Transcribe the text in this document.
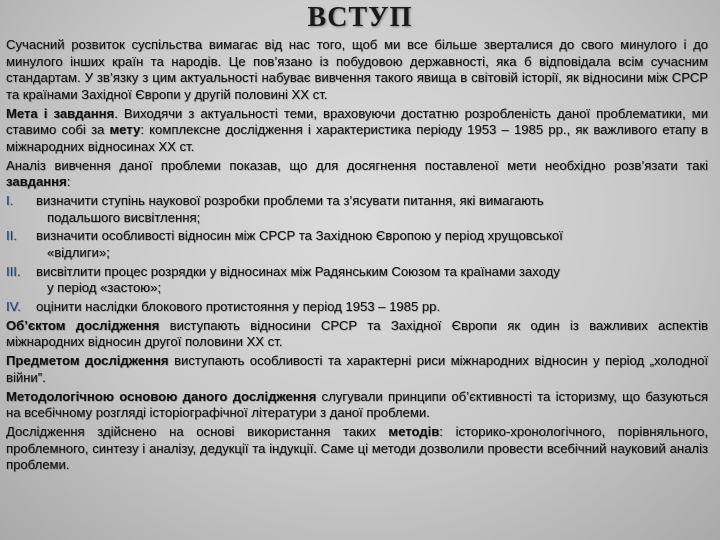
ВСТУП

Сучасний розвиток суспільства вимагає від нас того, щоб ми все більше зверталися до свого минулого і до минулого інших країн та народів. Це пов’язано із побудовою державності, яка б відповідала всім сучасним стандартам. У зв’язку з цим актуальності набуває вивчення такого явища в світовій історії, як відносини між СРСР та країнами Західної Європи у другій половині ХХ ст.

Мета і завдання. Виходячи з актуальності теми, враховуючи достатню розробленість даної проблематики, ми ставимо собі за мету: комплексне дослідження і характеристика періоду 1953 – 1985 рр., як важливого етапу в міжнародних відносинах ХХ ст.

Аналіз вивчення даної проблеми показав, що для досягнення поставленої мети необхідно розв’язати такі завдання:

I.	визначити ступінь наукової розробки проблеми та з’ясувати питання, які вимагають
подальшого висвітлення;
II.	визначити особливості відносин між СРСР та Західною Європою у період хрущовської
«відлиги»;
III.	висвітлити процес розрядки у відносинах між Радянським Союзом та країнами заходу
у період «застою»;
IV.	оцінити наслідки блокового протистояння у період 1953 – 1985 рр.

Об’єктом дослідження виступають відносини СРСР та Західної Європи як один із важливих аспектів міжнародних відносин другої половини ХХ ст.

Предметом дослідження виступають особливості та характерні риси міжнародних відносин у період „холодної війни”.

Методологічною основою даного дослідження слугували принципи об’єктивності та історизму, що базуються на всебічному розгляді історіографічної літератури з даної проблеми.

Дослідження здійснено на основі використання таких методів: історико-хронологічного, порівняльного, проблемного, синтезу і аналізу, дедукції та індукції. Саме ці методи дозволили провести всебічний науковий аналіз проблеми.
